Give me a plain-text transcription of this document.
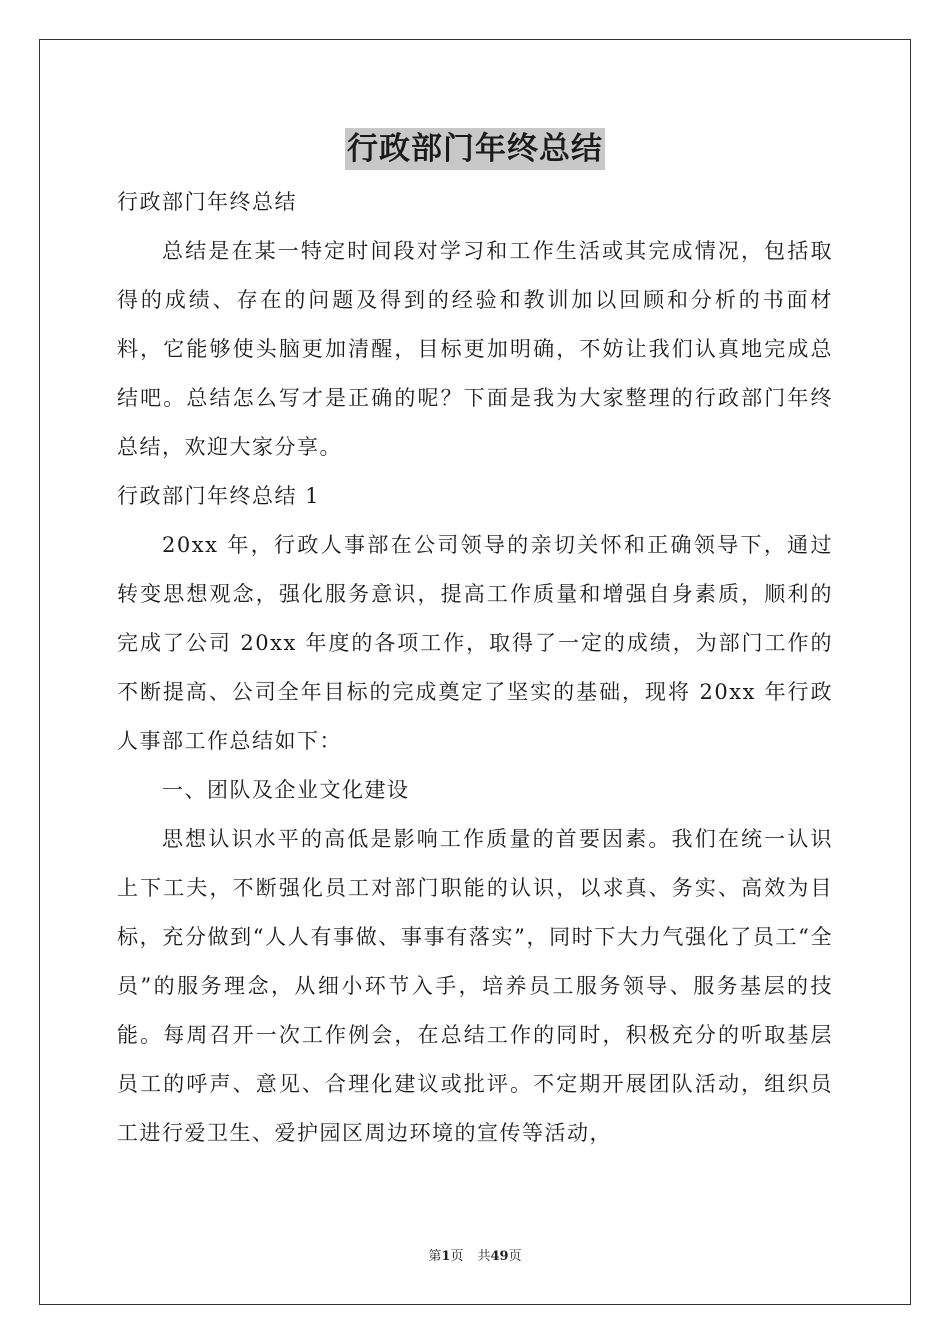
行政部门年终总结

行政部门年终总结

总结是在某一特定时间段对学习和工作生活或其完成情况，包括取得的成绩、存在的问题及得到的经验和教训加以回顾和分析的书面材料，它能够使头脑更加清醒，目标更加明确，不妨让我们认真地完成总结吧。总结怎么写才是正确的呢？下面是我为大家整理的行政部门年终总结，欢迎大家分享。

行政部门年终总结 1

20xx 年，行政人事部在公司领导的亲切关怀和正确领导下，通过转变思想观念，强化服务意识，提高工作质量和增强自身素质，顺利的完成了公司 20xx 年度的各项工作，取得了一定的成绩，为部门工作的不断提高、公司全年目标的完成奠定了坚实的基础，现将 20xx 年行政人事部工作总结如下：

一、团队及企业文化建设

思想认识水平的高低是影响工作质量的首要因素。我们在统一认识上下工夫，不断强化员工对部门职能的认识，以求真、务实、高效为目标，充分做到“人人有事做、事事有落实”，同时下大力气强化了员工“全员”的服务理念，从细小环节入手，培养员工服务领导、服务基层的技能。每周召开一次工作例会，在总结工作的同时，积极充分的听取基层员工的呼声、意见、合理化建议或批评。不定期开展团队活动，组织员工进行爱卫生、爱护园区周边环境的宣传等活动，

第1页 共49页
